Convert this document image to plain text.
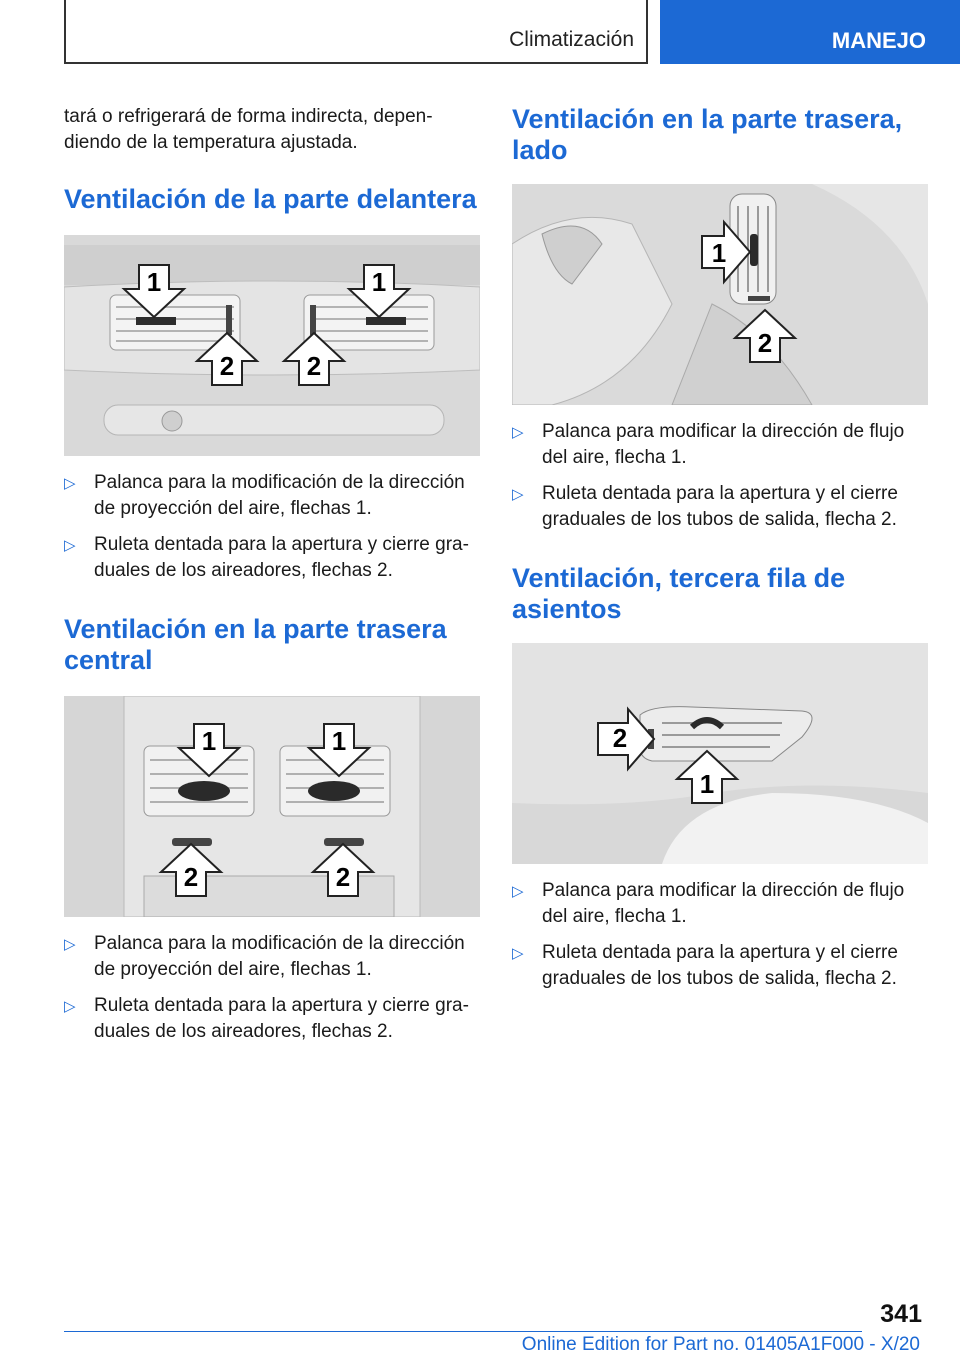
Climatización	MANEJO

tará o refrigerará de forma indirecta, depen-diendo de la temperatura ajustada.

Ventilación de la parte delantera
1	1
2	2
▷ Palanca para la modificación de la dirección de proyección del aire, flechas 1.
▷ Ruleta dentada para la apertura y cierre gra-duales de los aireadores, flechas 2.
Ventilación en la parte trasera central
1	1
2	2
▷ Palanca para la modificación de la dirección de proyección del aire, flechas 1.
▷ Ruleta dentada para la apertura y cierre gra-duales de los aireadores, flechas 2.
Ventilación en la parte trasera, lado
1
2
▷ Palanca para modificar la dirección de flujo del aire, flecha 1.
▷ Ruleta dentada para la apertura y el cierre graduales de los tubos de salida, flecha 2.
Ventilación, tercera fila de asientos
2
1
▷ Palanca para modificar la dirección de flujo del aire, flecha 1.
▷ Ruleta dentada para la apertura y el cierre graduales de los tubos de salida, flecha 2.
341
Online Edition for Part no. 01405A1F000 - X/20
